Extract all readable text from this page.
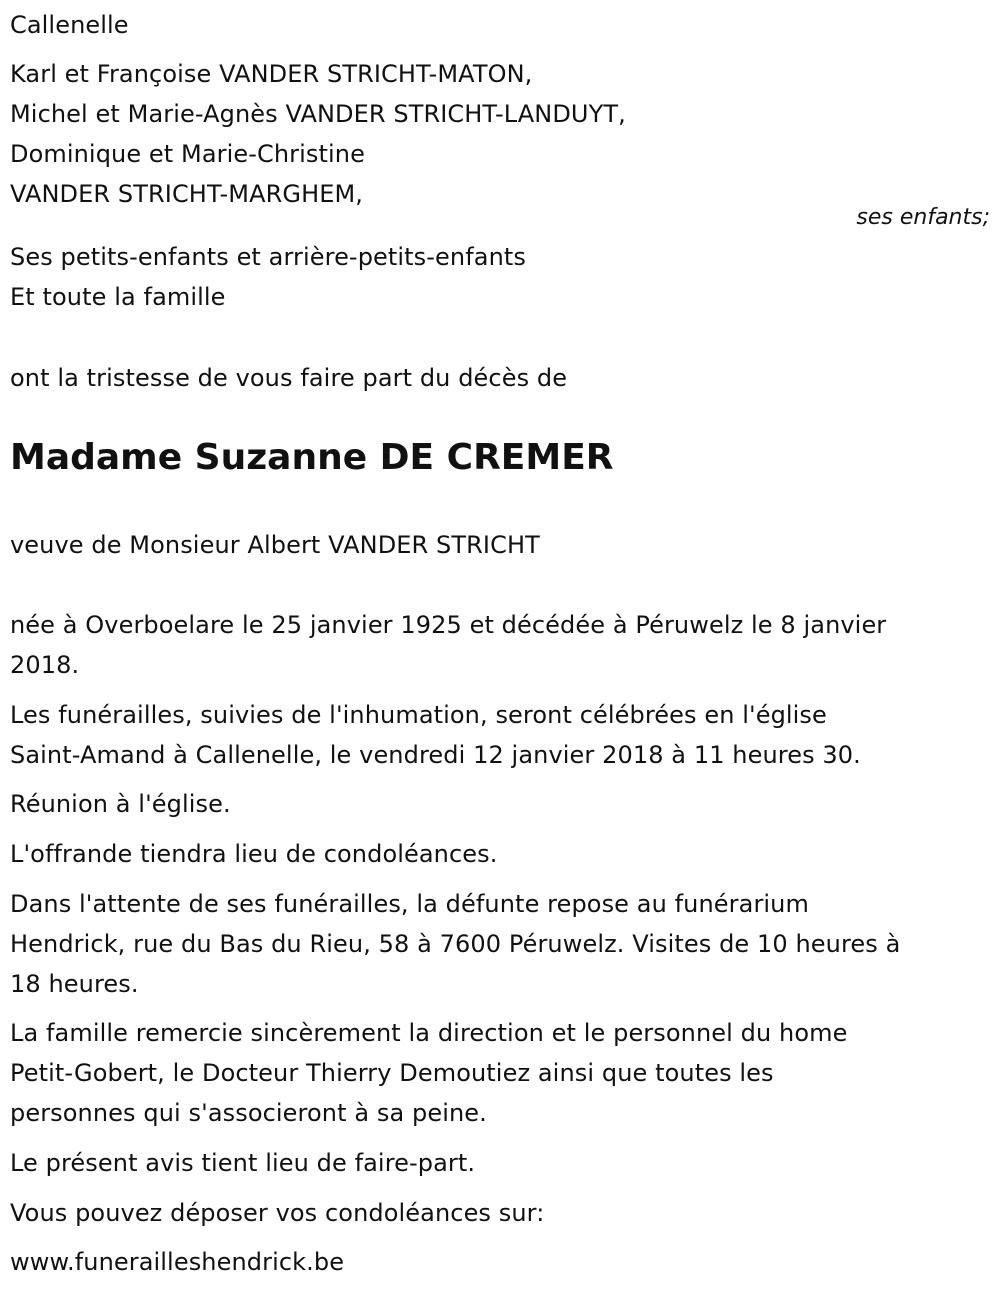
Callenelle
Karl et Françoise VANDER STRICHT-MATON,
Michel et Marie-Agnès VANDER STRICHT-LANDUYT,
Dominique et Marie-Christine
VANDER STRICHT-MARGHEM,
ses enfants;
Ses petits-enfants et arrière-petits-enfants
Et toute la famille
ont la tristesse de vous faire part du décès de
Madame Suzanne DE CREMER
veuve de Monsieur Albert VANDER STRICHT
née à Overboelare le 25 janvier 1925 et décédée à Péruwelz le 8 janvier
2018.
Les funérailles, suivies de l'inhumation, seront célébrées en l'église
Saint-Amand à Callenelle, le vendredi 12 janvier 2018 à 11 heures 30.
Réunion à l'église.
L'offrande tiendra lieu de condoléances.
Dans l'attente de ses funérailles, la défunte repose au funérarium
Hendrick, rue du Bas du Rieu, 58 à 7600 Péruwelz. Visites de 10 heures à
18 heures.
La famille remercie sincèrement la direction et le personnel du home
Petit-Gobert, le Docteur Thierry Demoutiez ainsi que toutes les
personnes qui s'associeront à sa peine.
Le présent avis tient lieu de faire-part.
Vous pouvez déposer vos condoléances sur:
www.funerailleshendrick.be
